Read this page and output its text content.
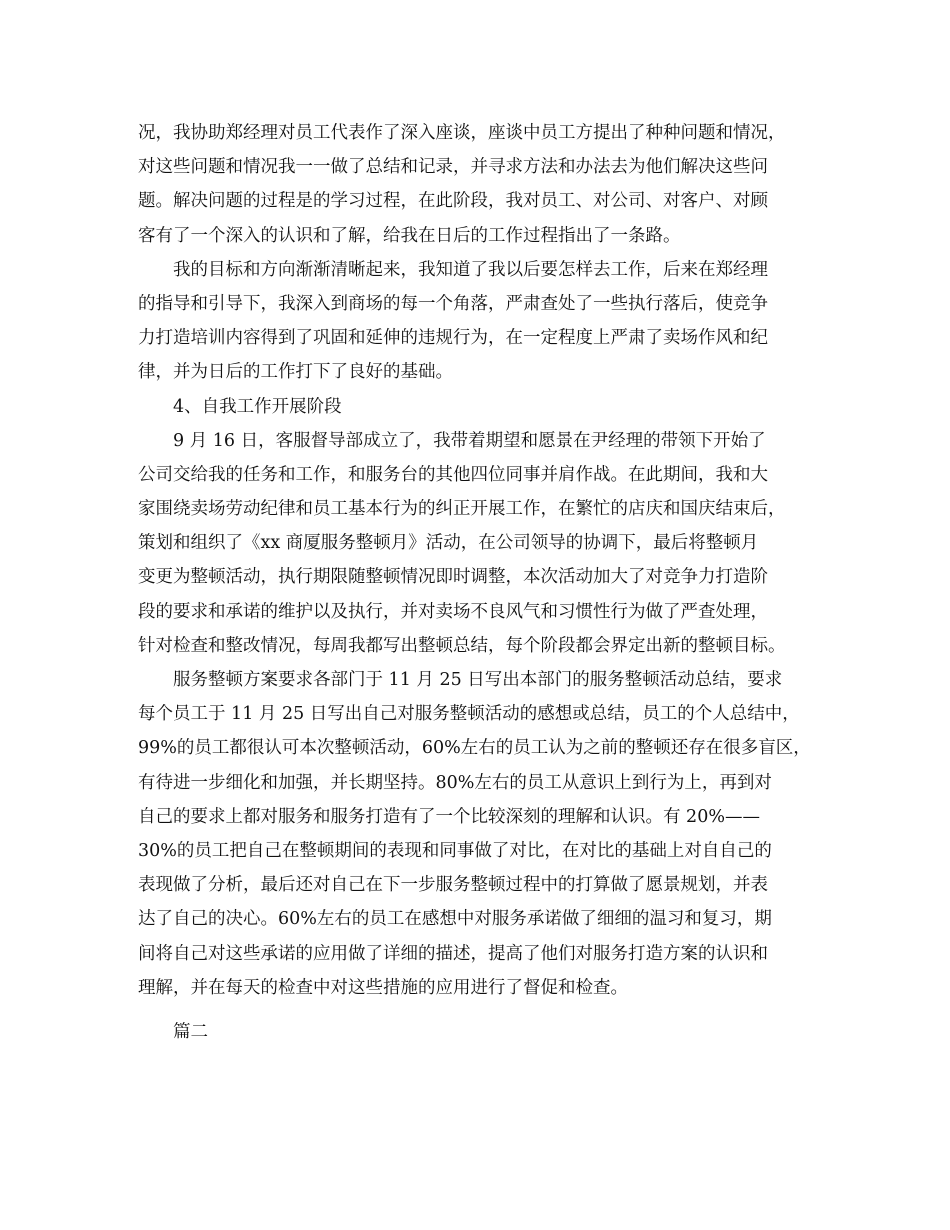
况，我协助郑经理对员工代表作了深入座谈，座谈中员工方提出了种种问题和情况，
对这些问题和情况我一一做了总结和记录，并寻求方法和办法去为他们解决这些问
题。解决问题的过程是的学习过程，在此阶段，我对员工、对公司、对客户、对顾
客有了一个深入的认识和了解，给我在日后的工作过程指出了一条路。
我的目标和方向渐渐清晰起来，我知道了我以后要怎样去工作，后来在郑经理
的指导和引导下，我深入到商场的每一个角落，严肃查处了一些执行落后，使竞争
力打造培训内容得到了巩固和延伸的违规行为，在一定程度上严肃了卖场作风和纪
律，并为日后的工作打下了良好的基础。
4、自我工作开展阶段
9 月 16 日，客服督导部成立了，我带着期望和愿景在尹经理的带领下开始了
公司交给我的任务和工作，和服务台的其他四位同事并肩作战。在此期间，我和大
家围绕卖场劳动纪律和员工基本行为的纠正开展工作，在繁忙的店庆和国庆结束后，
策划和组织了《xx 商厦服务整顿月》活动，在公司领导的协调下，最后将整顿月
变更为整顿活动，执行期限随整顿情况即时调整，本次活动加大了对竞争力打造阶
段的要求和承诺的维护以及执行，并对卖场不良风气和习惯性行为做了严查处理，
针对检查和整改情况，每周我都写出整顿总结，每个阶段都会界定出新的整顿目标。
服务整顿方案要求各部门于 11 月 25 日写出本部门的服务整顿活动总结，要求
每个员工于 11 月 25 日写出自己对服务整顿活动的感想或总结，员工的个人总结中，
99%的员工都很认可本次整顿活动，60%左右的员工认为之前的整顿还存在很多盲区，
有待进一步细化和加强，并长期坚持。80%左右的员工从意识上到行为上，再到对
自己的要求上都对服务和服务打造有了一个比较深刻的理解和认识。有 20%——
30%的员工把自己在整顿期间的表现和同事做了对比，在对比的基础上对自自己的
表现做了分析，最后还对自己在下一步服务整顿过程中的打算做了愿景规划，并表
达了自己的决心。60%左右的员工在感想中对服务承诺做了细细的温习和复习，期
间将自己对这些承诺的应用做了详细的描述，提高了他们对服务打造方案的认识和
理解，并在每天的检查中对这些措施的应用进行了督促和检查。
篇二
